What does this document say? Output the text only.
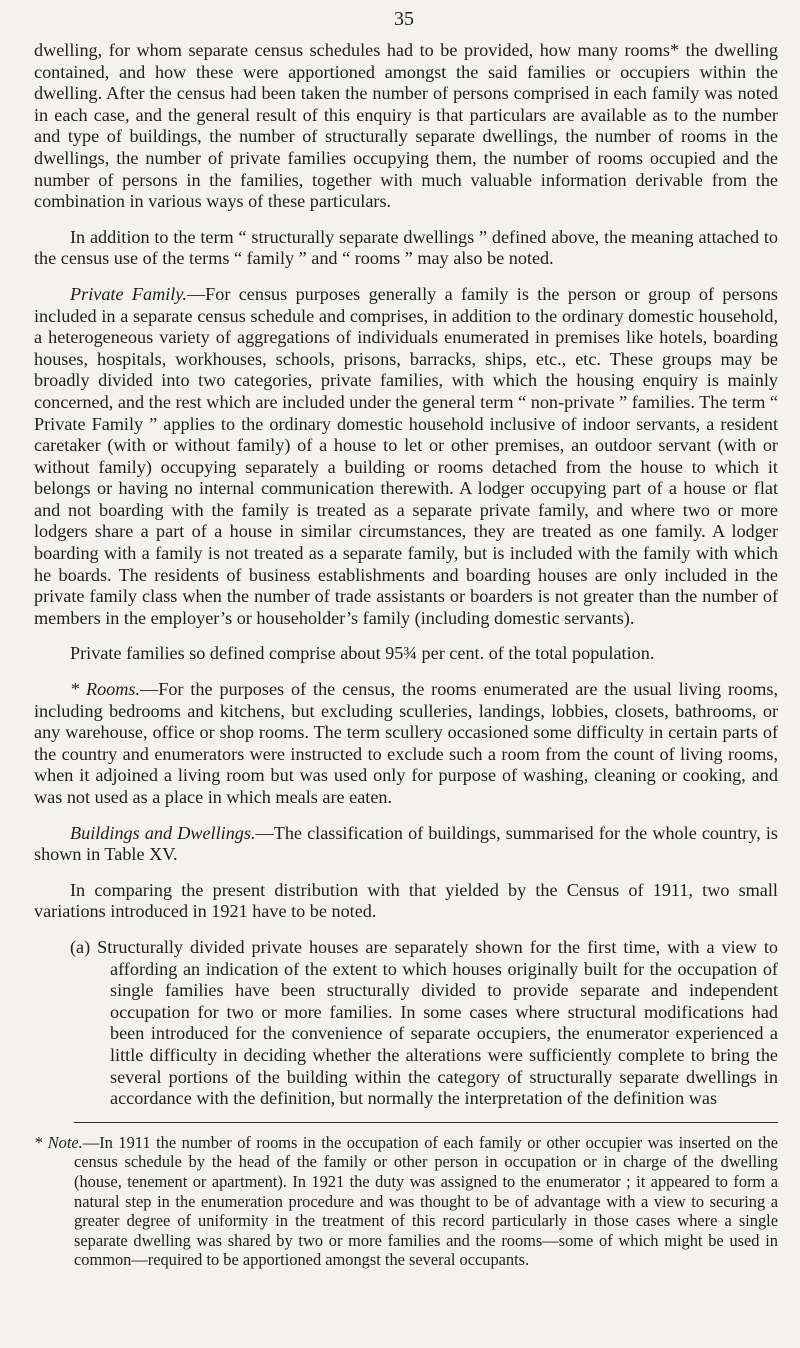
35

dwelling, for whom separate census schedules had to be provided, how many rooms* the dwelling contained, and how these were apportioned amongst the said families or occupiers within the dwelling. After the census had been taken the number of persons comprised in each family was noted in each case, and the general result of this enquiry is that particulars are available as to the number and type of buildings, the number of structurally separate dwellings, the number of rooms in the dwellings, the number of private families occupying them, the number of rooms occupied and the number of persons in the families, together with much valuable information derivable from the combination in various ways of these particulars.

In addition to the term “ structurally separate dwellings ” defined above, the meaning attached to the census use of the terms “ family ” and “ rooms ” may also be noted.

Private Family.—For census purposes generally a family is the person or group of persons included in a separate census schedule and comprises, in addition to the ordinary domestic household, a heterogeneous variety of aggregations of individuals enumerated in premises like hotels, boarding houses, hospitals, workhouses, schools, prisons, barracks, ships, etc., etc. These groups may be broadly divided into two categories, private families, with which the housing enquiry is mainly concerned, and the rest which are included under the general term “ non-private ” families. The term “ Private Family ” applies to the ordinary domestic household inclusive of indoor servants, a resident caretaker (with or without family) of a house to let or other premises, an outdoor servant (with or without family) occupying separately a building or rooms detached from the house to which it belongs or having no internal communication therewith. A lodger occupying part of a house or flat and not boarding with the family is treated as a separate private family, and where two or more lodgers share a part of a house in similar circumstances, they are treated as one family. A lodger boarding with a family is not treated as a separate family, but is included with the family with which he boards. The residents of business establishments and boarding houses are only included in the private family class when the number of trade assistants or boarders is not greater than the number of members in the employer’s or householder’s family (including domestic servants).

Private families so defined comprise about 95¾ per cent. of the total population.

* Rooms.—For the purposes of the census, the rooms enumerated are the usual living rooms, including bedrooms and kitchens, but excluding sculleries, landings, lobbies, closets, bathrooms, or any warehouse, office or shop rooms. The term scullery occasioned some difficulty in certain parts of the country and enumerators were instructed to exclude such a room from the count of living rooms, when it adjoined a living room but was used only for purpose of washing, cleaning or cooking, and was not used as a place in which meals are eaten.

Buildings and Dwellings.—The classification of buildings, summarised for the whole country, is shown in Table XV.

In comparing the present distribution with that yielded by the Census of 1911, two small variations introduced in 1921 have to be noted.

(a) Structurally divided private houses are separately shown for the first time, with a view to affording an indication of the extent to which houses originally built for the occupation of single families have been structurally divided to provide separate and independent occupation for two or more families. In some cases where structural modifications had been introduced for the convenience of separate occupiers, the enumerator experienced a little difficulty in deciding whether the alterations were sufficiently complete to bring the several portions of the building within the category of structurally separate dwellings in accordance with the definition, but normally the interpretation of the definition was

* Note.—In 1911 the number of rooms in the occupation of each family or other occupier was inserted on the census schedule by the head of the family or other person in occupation or in charge of the dwelling (house, tenement or apartment). In 1921 the duty was assigned to the enumerator ; it appeared to form a natural step in the enumeration procedure and was thought to be of advantage with a view to securing a greater degree of uniformity in the treatment of this record particularly in those cases where a single separate dwelling was shared by two or more families and the rooms—some of which might be used in common—required to be apportioned amongst the several occupants.
